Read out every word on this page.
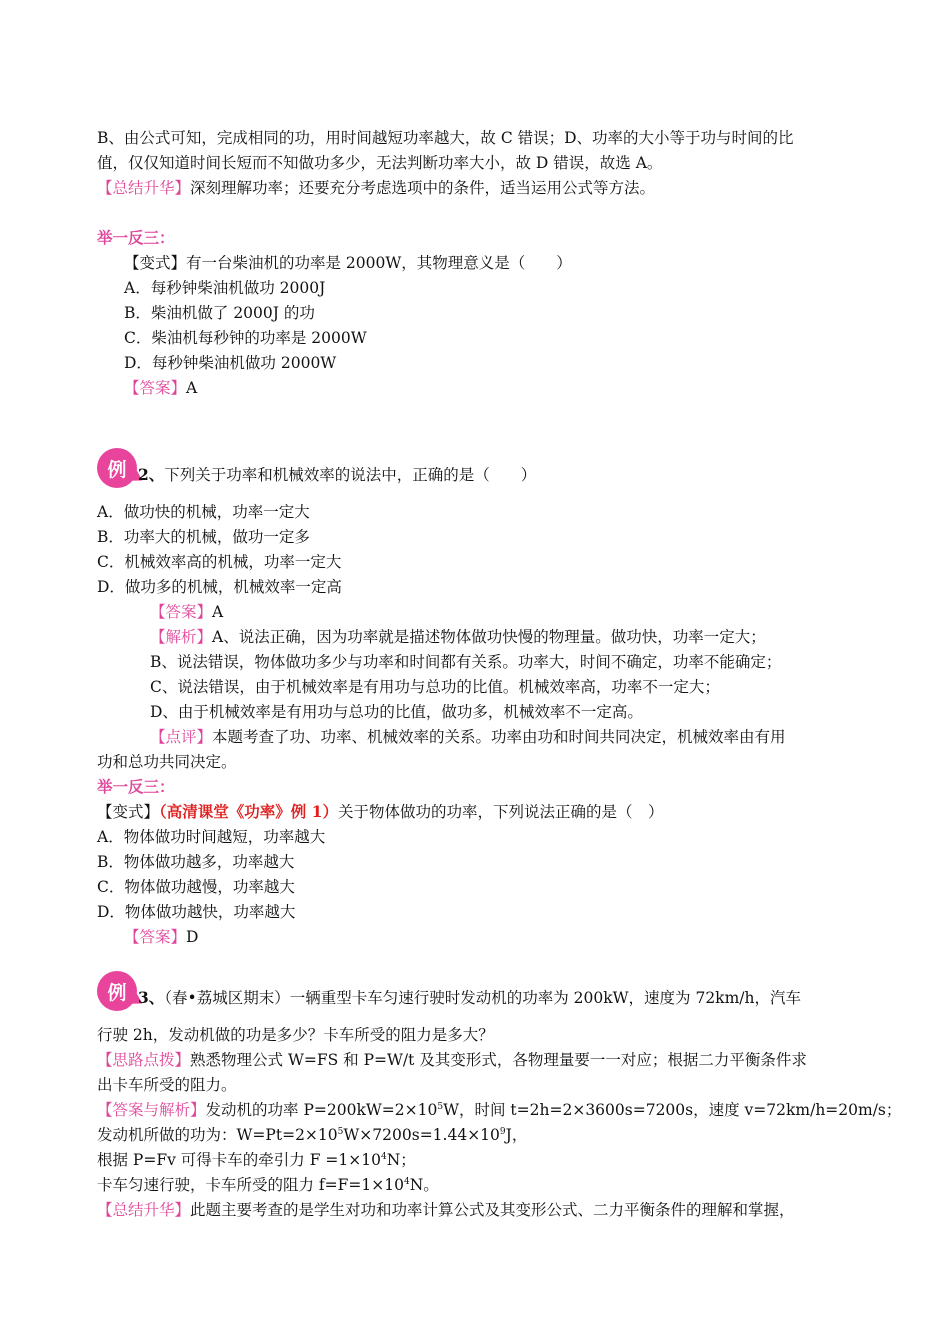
B、由公式可知，完成相同的功，用时间越短功率越大，故 C 错误；D、功率的大小等于功与时间的比
值，仅仅知道时间长短而不知做功多少，无法判断功率大小，故 D 错误，故选 A。
【总结升华】深刻理解功率；还要充分考虑选项中的条件，适当运用公式等方法。
举一反三：
【变式】有一台柴油机的功率是 2000W，其物理意义是（　　）
A．每秒钟柴油机做功 2000J
B．柴油机做了 2000J 的功
C．柴油机每秒钟的功率是 2000W
D．每秒钟柴油机做功 2000W
【答案】A
例 2、下列关于功率和机械效率的说法中，正确的是（　　）
A．做功快的机械，功率一定大
B．功率大的机械，做功一定多
C．机械效率高的机械，功率一定大
D．做功多的机械，机械效率一定高
【答案】A
【解析】A、说法正确，因为功率就是描述物体做功快慢的物理量。做功快，功率一定大；
B、说法错误，物体做功多少与功率和时间都有关系。功率大，时间不确定，功率不能确定；
C、说法错误，由于机械效率是有用功与总功的比值。机械效率高，功率不一定大；
D、由于机械效率是有用功与总功的比值，做功多，机械效率不一定高。
【点评】本题考查了功、功率、机械效率的关系。功率由功和时间共同决定，机械效率由有用
功和总功共同决定。
举一反三：
【变式】（高清课堂《功率》例 1）关于物体做功的功率，下列说法正确的是（　）
A．物体做功时间越短，功率越大
B．物体做功越多，功率越大
C．物体做功越慢，功率越大
D．物体做功越快，功率越大
【答案】D
例 3、（春•荔城区期末）一辆重型卡车匀速行驶时发动机的功率为 200kW，速度为 72km/h，汽车
行驶 2h，发动机做的功是多少？卡车所受的阻力是多大？
【思路点拨】熟悉物理公式 W=FS 和 P=W/t 及其变形式，各物理量要一一对应；根据二力平衡条件求
出卡车所受的阻力。
【答案与解析】发动机的功率 $P=200kW=2\times 10^5W$，时间 t=2h=2×3600s=7200s，速度 v=72km/h=20m/s；
发动机所做的功为：$W=Pt=2\times 10^5W\times 7200s=1.44\times 10^9J$，
根据 P=Fv 可得卡车的牵引力 $F =1\times 10^4N$；
卡车匀速行驶，卡车所受的阻力 $f=F=1\times 10^4N$。
【总结升华】此题主要考查的是学生对功和功率计算公式及其变形公式、二力平衡条件的理解和掌握，
